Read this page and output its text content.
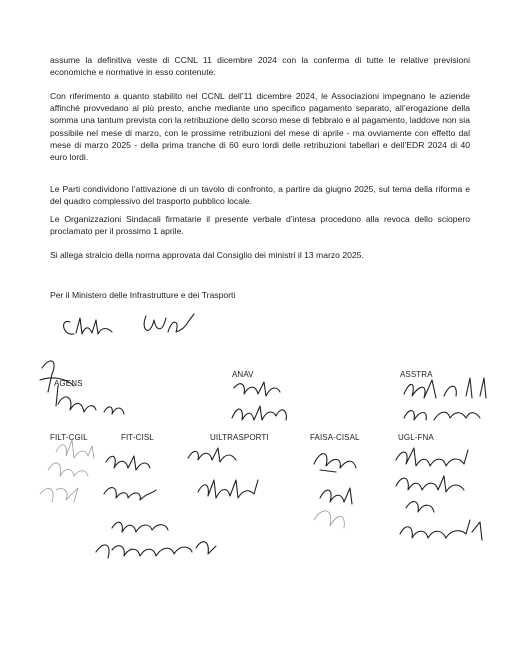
assume la definitiva veste di CCNL 11 dicembre 2024 con la conferma di tutte le relative previsioni economiche e normative in esso contenute.
Con riferimento a quanto stabilito nel CCNL dell’11 dicembre 2024, le Associazioni impegnano le aziende affinché provvedano al più presto, anche mediante uno specifico pagamento separato, all’erogazione della somma una tantum prevista con la retribuzione dello scorso mese di febbraio e al pagamento, laddove non sia possibile nel mese di marzo, con le prossime retribuzioni del mese di aprile - ma ovviamente con effetto dal mese di marzo 2025 - della prima tranche di 60 euro lordi delle retribuzioni tabellari e dell’EDR 2024 di 40 euro lordi.
Le Parti condividono l’attivazione di un tavolo di confronto, a partire da giugno 2025, sul tema della riforma e del quadro complessivo del trasporto pubblico locale.
Le Organizzazioni Sindacali firmatarie il presente verbale d’intesa procedono alla revoca dello sciopero proclamato per il prossimo 1 aprile.
Si allega stralcio della norma approvata dal Consiglio dei ministri il 13 marzo 2025.
Per il Ministero delle Infrastrutture e dei Trasporti
AGENS
ANAV	ASSTRA
FILT-CGIL	FIT-CISL	UILTRASPORTI	FAISA-CISAL	UGL-FNA
